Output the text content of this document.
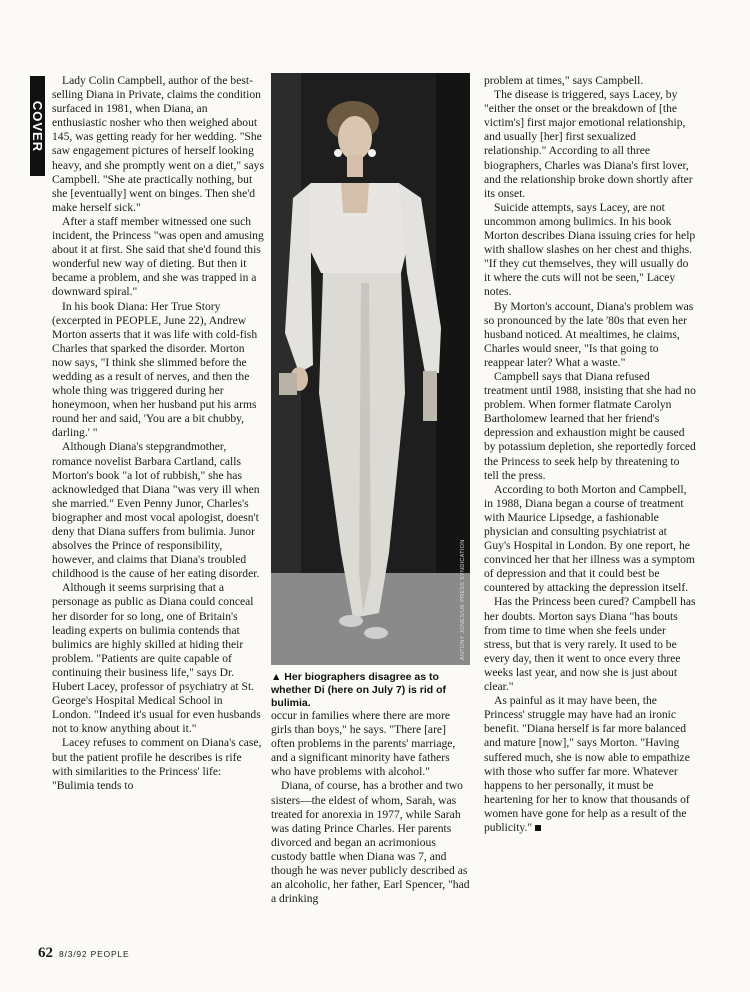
COVER

Lady Colin Campbell, author of the best-selling Diana in Private, claims the condition surfaced in 1981, when Diana, an enthusiastic nosher who then weighed about 145, was getting ready for her wedding. "She saw engagement pictures of herself looking heavy, and she promptly went on a diet," says Campbell. "She ate practically nothing, but she [eventually] went on binges. Then she'd make herself sick."

After a staff member witnessed one such incident, the Princess "was open and amusing about it at first. She said that she'd found this wonderful new way of dieting. But then it became a problem, and she was trapped in a downward spiral."

In his book Diana: Her True Story (excerpted in PEOPLE, June 22), Andrew Morton asserts that it was life with cold-fish Charles that sparked the disorder. Morton now says, "I think she slimmed before the wedding as a result of nerves, and then the whole thing was triggered during her honeymoon, when her husband put his arms round her and said, 'You are a bit chubby, darling.' "

Although Diana's stepgrandmother, romance novelist Barbara Cartland, calls Morton's book "a lot of rubbish," she has acknowledged that Diana "was very ill when she married." Even Penny Junor, Charles's biographer and most vocal apologist, doesn't deny that Diana suffers from bulimia. Junor absolves the Prince of responsibility, however, and claims that Diana's troubled childhood is the cause of her eating disorder.

Although it seems surprising that a personage as public as Diana could conceal her disorder for so long, one of Britain's leading experts on bulimia contends that bulimics are highly skilled at hiding their problem. "Patients are quite capable of continuing their business life," says Dr. Hubert Lacey, professor of psychiatry at St. George's Hospital Medical School in London. "Indeed it's usual for even husbands not to know anything about it."

Lacey refuses to comment on Diana's case, but the patient profile he describes is rife with similarities to the Princess' life: "Bulimia tends to

ANTONY JONES/UK PRESS SYNDICATION
▲ Her biographers disagree as to whether Di (here on July 7) is rid of bulimia.

occur in families where there are more girls than boys," he says. "There [are] often problems in the parents' marriage, and a significant minority have fathers who have problems with alcohol."

Diana, of course, has a brother and two sisters—the eldest of whom, Sarah, was treated for anorexia in 1977, while Sarah was dating Prince Charles. Her parents divorced and began an acrimonious custody battle when Diana was 7, and though he was never publicly described as an alcoholic, her father, Earl Spencer, "had a drinking

problem at times," says Campbell.

The disease is triggered, says Lacey, by "either the onset or the breakdown of [the victim's] first major emotional relationship, and usually [her] first sexualized relationship." According to all three biographers, Charles was Diana's first lover, and the relationship broke down shortly after its onset.

Suicide attempts, says Lacey, are not uncommon among bulimics. In his book Morton describes Diana issuing cries for help with shallow slashes on her chest and thighs. "If they cut themselves, they will usually do it where the cuts will not be seen," Lacey notes.

By Morton's account, Diana's problem was so pronounced by the late '80s that even her husband noticed. At mealtimes, he claims, Charles would sneer, "Is that going to reappear later? What a waste."

Campbell says that Diana refused treatment until 1988, insisting that she had no problem. When former flatmate Carolyn Bartholomew learned that her friend's depression and exhaustion might be caused by potassium depletion, she reportedly forced the Princess to seek help by threatening to tell the press.

According to both Morton and Campbell, in 1988, Diana began a course of treatment with Maurice Lipsedge, a fashionable physician and consulting psychiatrist at Guy's Hospital in London. By one report, he convinced her that her illness was a symptom of depression and that it could best be countered by attacking the depression itself.

Has the Princess been cured? Campbell has her doubts. Morton says Diana "has bouts from time to time when she feels under stress, but that is very rarely. It used to be every day, then it went to once every three weeks last year, and now she is just about clear."

As painful as it may have been, the Princess' struggle may have had an ironic benefit. "Diana herself is far more balanced and mature [now]," says Morton. "Having suffered much, she is now able to empathize with those who suffer far more. Whatever happens to her personally, it must be heartening for her to know that thousands of women have gone for help as a result of the publicity."

62 8/3/92 PEOPLE
